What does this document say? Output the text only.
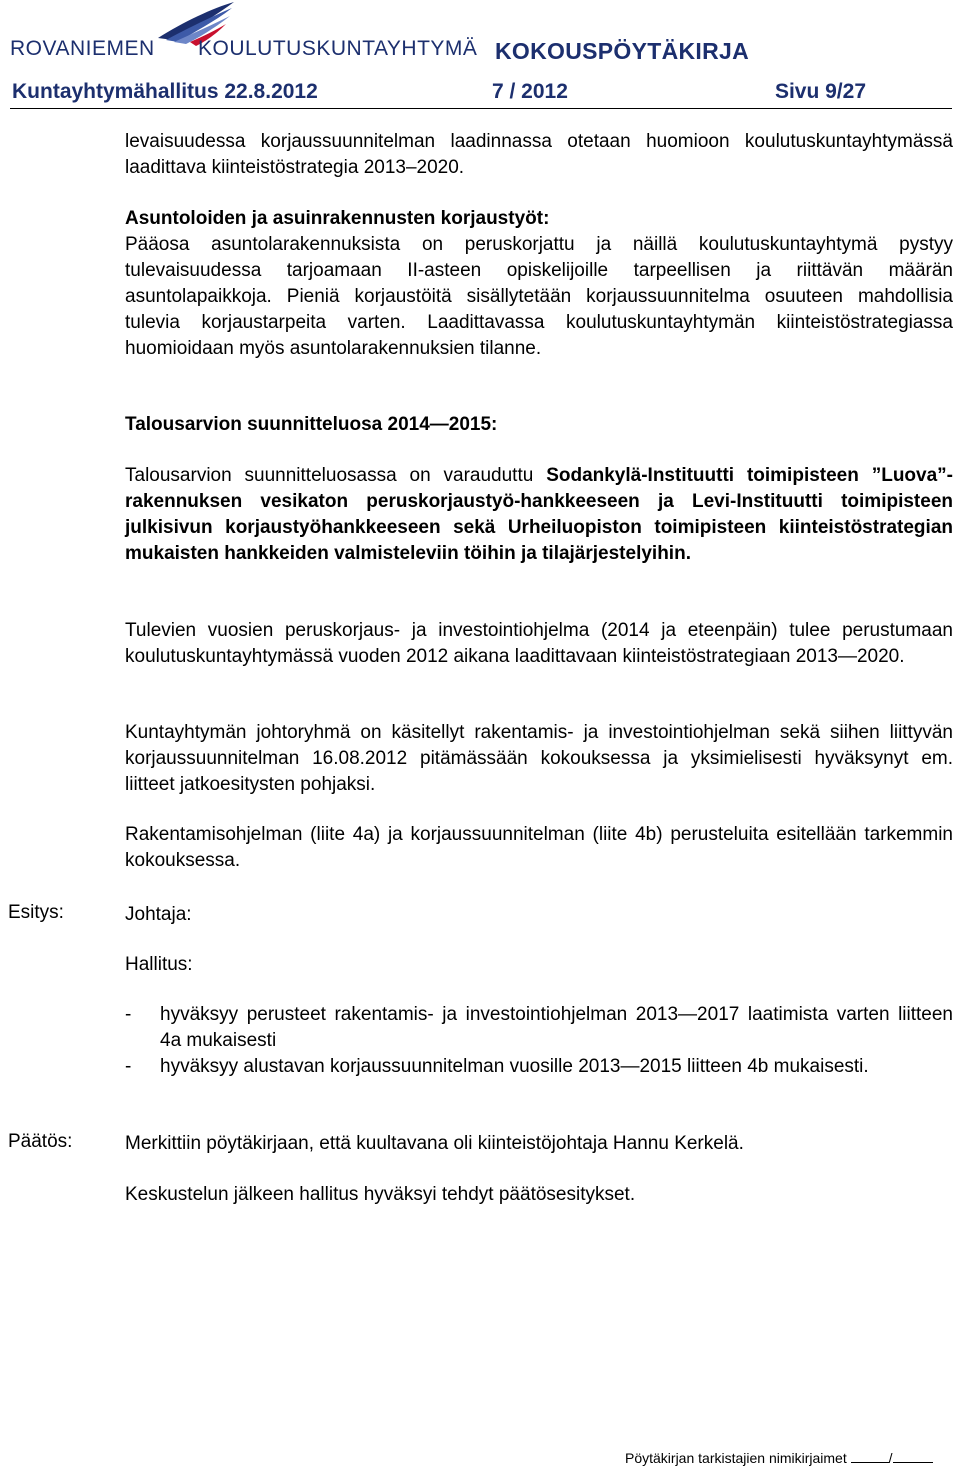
ROVANIEMEN KOULUTUSKUNTAYHTYMÄ KOKOUSPÖYTÄKIRJA
Kuntayhtymähallitus 22.8.2012	7 / 2012	Sivu 9/27

levaisuudessa korjaussuunnitelman laadinnassa otetaan huomioon koulutuskuntayhtymässä laadittava kiinteistöstrategia 2013–2020.

Asuntoloiden ja asuinrakennusten korjaustyöt:

Pääosa asuntolarakennuksista on peruskorjattu ja näillä koulutuskuntayhtymä pystyy tulevaisuudessa tarjoamaan II-asteen opiskelijoille tarpeellisen ja riittävän määrän asuntolapaikkoja. Pieniä korjaustöitä sisällytetään korjaussuunnitelma osuuteen mahdollisia tulevia korjaustarpeita varten. Laadittavassa koulutuskuntayhtymän kiinteistöstrategiassa huomioidaan myös asuntolarakennuksien tilanne.

Talousarvion suunnitteluosa 2014—2015:

Talousarvion suunnitteluosassa on varauduttu Sodankylä-Instituutti toimipisteen ”Luova”-rakennuksen vesikaton peruskorjaustyö-hankkeeseen ja Levi-Instituutti toimipisteen julkisivun korjaustyöhankkeeseen sekä Urheiluopiston toimipisteen kiinteistöstrategian mukaisten hankkeiden valmisteleviin töihin ja tilajärjestelyihin.

Tulevien vuosien peruskorjaus- ja investointiohjelma (2014 ja eteenpäin) tulee perustumaan koulutuskuntayhtymässä vuoden 2012 aikana laadittavaan kiinteistöstrategiaan 2013—2020.

Kuntayhtymän johtoryhmä on käsitellyt rakentamis- ja investointiohjelman sekä siihen liittyvän korjaussuunnitelman 16.08.2012 pitämässään kokouksessa ja yksimielisesti hyväksynyt em. liitteet jatkoesitysten pohjaksi.

Rakentamisohjelman (liite 4a) ja korjaussuunnitelman (liite 4b) perusteluita esitellään tarkemmin kokouksessa.

Esitys:	Johtaja:
Hallitus:
- hyväksyy perusteet rakentamis- ja investointiohjelman 2013—2017 laatimista varten liitteen 4a mukaisesti

- hyväksyy alustavan korjaussuunnitelman vuosille 2013—2015 liitteen 4b mukaisesti.

Päätös:	Merkittiin pöytäkirjaan, että kuultavana oli kiinteistöjohtaja Hannu Kerkelä.
Keskustelun jälkeen hallitus hyväksyi tehdyt päätösesitykset.
Pöytäkirjan tarkistajien nimikirjaimet	/
